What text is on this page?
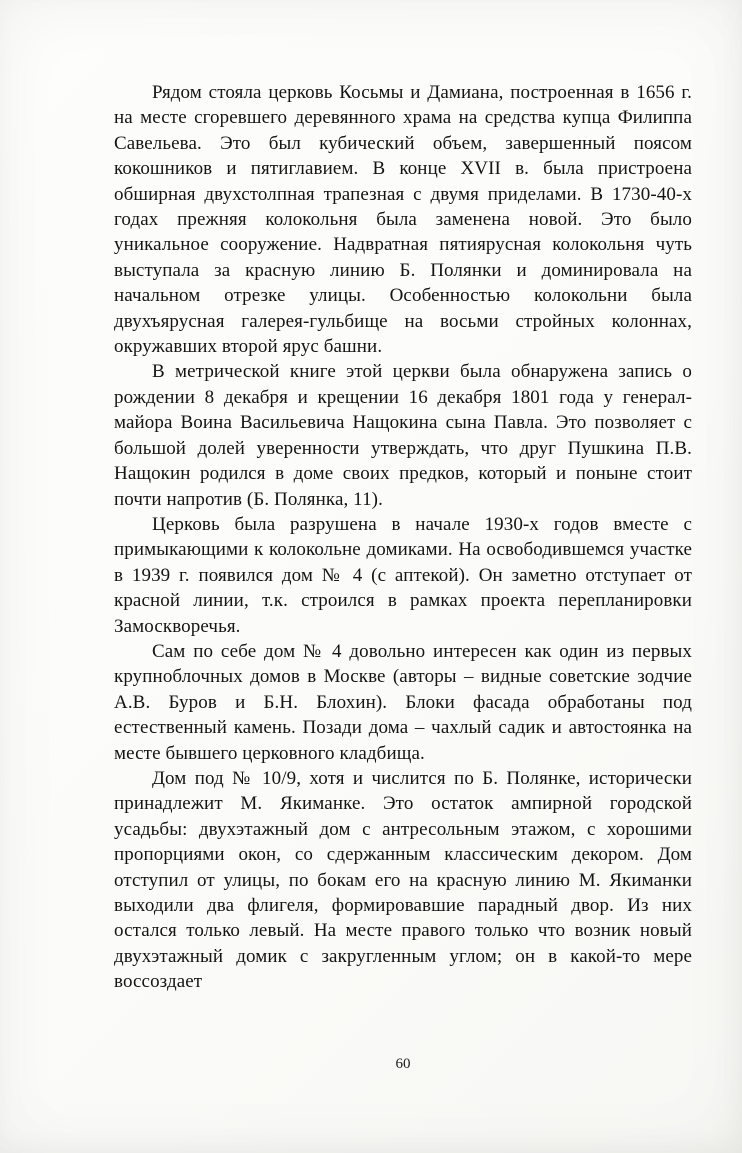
Рядом стояла церковь Косьмы и Дамиана, построенная в 1656 г. на месте сгоревшего деревянного храма на средства купца Филиппа Савельева. Это был кубический объем, завершенный поясом кокошников и пятиглавием. В конце XVII в. была пристроена обширная двухстолпная трапезная с двумя приделами. В 1730-40-х годах прежняя колокольня была заменена новой. Это было уникальное сооружение. Надвратная пятиярусная колокольня чуть выступала за красную линию Б. Полянки и доминировала на начальном отрезке улицы. Особенностью колокольни была двухъярусная галерея-гульбище на восьми стройных колоннах, окружавших второй ярус башни.

В метрической книге этой церкви была обнаружена запись о рождении 8 декабря и крещении 16 декабря 1801 года у генерал-майора Воина Васильевича Нащокина сына Павла. Это позволяет с большой долей уверенности утверждать, что друг Пушкина П.В. Нащокин родился в доме своих предков, который и поныне стоит почти напротив (Б. Полянка, 11).

Церковь была разрушена в начале 1930-х годов вместе с примыкающими к колокольне домиками. На освободившемся участке в 1939 г. появился дом № 4 (с аптекой). Он заметно отступает от красной линии, т.к. строился в рамках проекта перепланировки Замоскворечья.

Сам по себе дом № 4 довольно интересен как один из первых крупноблочных домов в Москве (авторы – видные советские зодчие А.В. Буров и Б.Н. Блохин). Блоки фасада обработаны под естественный камень. Позади дома – чахлый садик и автостоянка на месте бывшего церковного кладбища.

Дом под № 10/9, хотя и числится по Б. Полянке, исторически принадлежит М. Якиманке. Это остаток ампирной городской усадьбы: двухэтажный дом с антресольным этажом, с хорошими пропорциями окон, со сдержанным классическим декором. Дом отступил от улицы, по бокам его на красную линию М. Якиманки выходили два флигеля, формировавшие парадный двор. Из них остался только левый. На месте правого только что возник новый двухэтажный домик с закругленным углом; он в какой-то мере воссоздает

60
